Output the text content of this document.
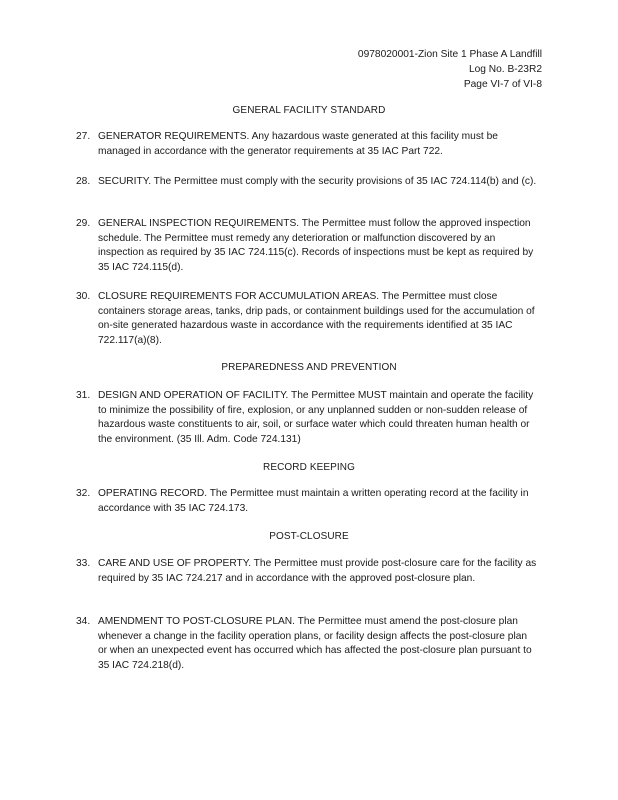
0978020001-Zion Site 1 Phase A Landfill
Log No. B-23R2
Page VI-7 of VI-8
GENERAL FACILITY STANDARD
27. GENERATOR REQUIREMENTS. Any hazardous waste generated at this facility must be managed in accordance with the generator requirements at 35 IAC Part 722.
28. SECURITY. The Permittee must comply with the security provisions of 35 IAC 724.114(b) and (c).
29. GENERAL INSPECTION REQUIREMENTS. The Permittee must follow the approved inspection schedule. The Permittee must remedy any deterioration or malfunction discovered by an inspection as required by 35 IAC 724.115(c). Records of inspections must be kept as required by 35 IAC 724.115(d).
30. CLOSURE REQUIREMENTS FOR ACCUMULATION AREAS. The Permittee must close containers storage areas, tanks, drip pads, or containment buildings used for the accumulation of on-site generated hazardous waste in accordance with the requirements identified at 35 IAC 722.117(a)(8).
PREPAREDNESS AND PREVENTION
31. DESIGN AND OPERATION OF FACILITY. The Permittee MUST maintain and operate the facility to minimize the possibility of fire, explosion, or any unplanned sudden or non-sudden release of hazardous waste constituents to air, soil, or surface water which could threaten human health or the environment. (35 Ill. Adm. Code 724.131)
RECORD KEEPING
32. OPERATING RECORD. The Permittee must maintain a written operating record at the facility in accordance with 35 IAC 724.173.
POST-CLOSURE
33. CARE AND USE OF PROPERTY. The Permittee must provide post-closure care for the facility as required by 35 IAC 724.217 and in accordance with the approved post-closure plan.
34. AMENDMENT TO POST-CLOSURE PLAN. The Permittee must amend the post-closure plan whenever a change in the facility operation plans, or facility design affects the post-closure plan or when an unexpected event has occurred which has affected the post-closure plan pursuant to 35 IAC 724.218(d).
